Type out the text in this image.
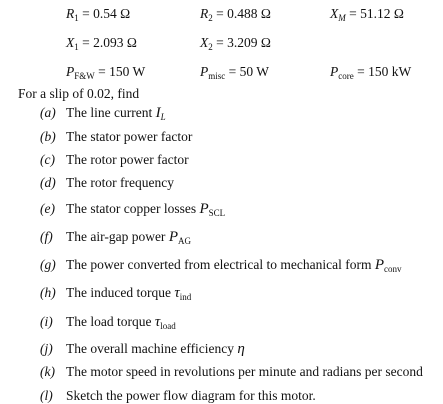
$R_1 = 0.54$ Ω	$R_2 = 0.488$ Ω	$X_M = 51.12$ Ω
$X_1 = 2.093$ Ω	$X_2 = 3.209$ Ω
$P_{F\&W} = 150$ W	$P_{misc} = 50$ W	$P_{core} = 150$ kW
For a slip of 0.02, find
(a) The line current $I_L$
(b) The stator power factor
(c) The rotor power factor
(d) The rotor frequency
(e) The stator copper losses $P_{SCL}$
(f) The air-gap power $P_{AG}$
(g) The power converted from electrical to mechanical form $P_{conv}$
(h) The induced torque $\tau_{ind}$
(i) The load torque $\tau_{load}$
(j) The overall machine efficiency η
(k) The motor speed in revolutions per minute and radians per second
(l) Sketch the power flow diagram for this motor.
